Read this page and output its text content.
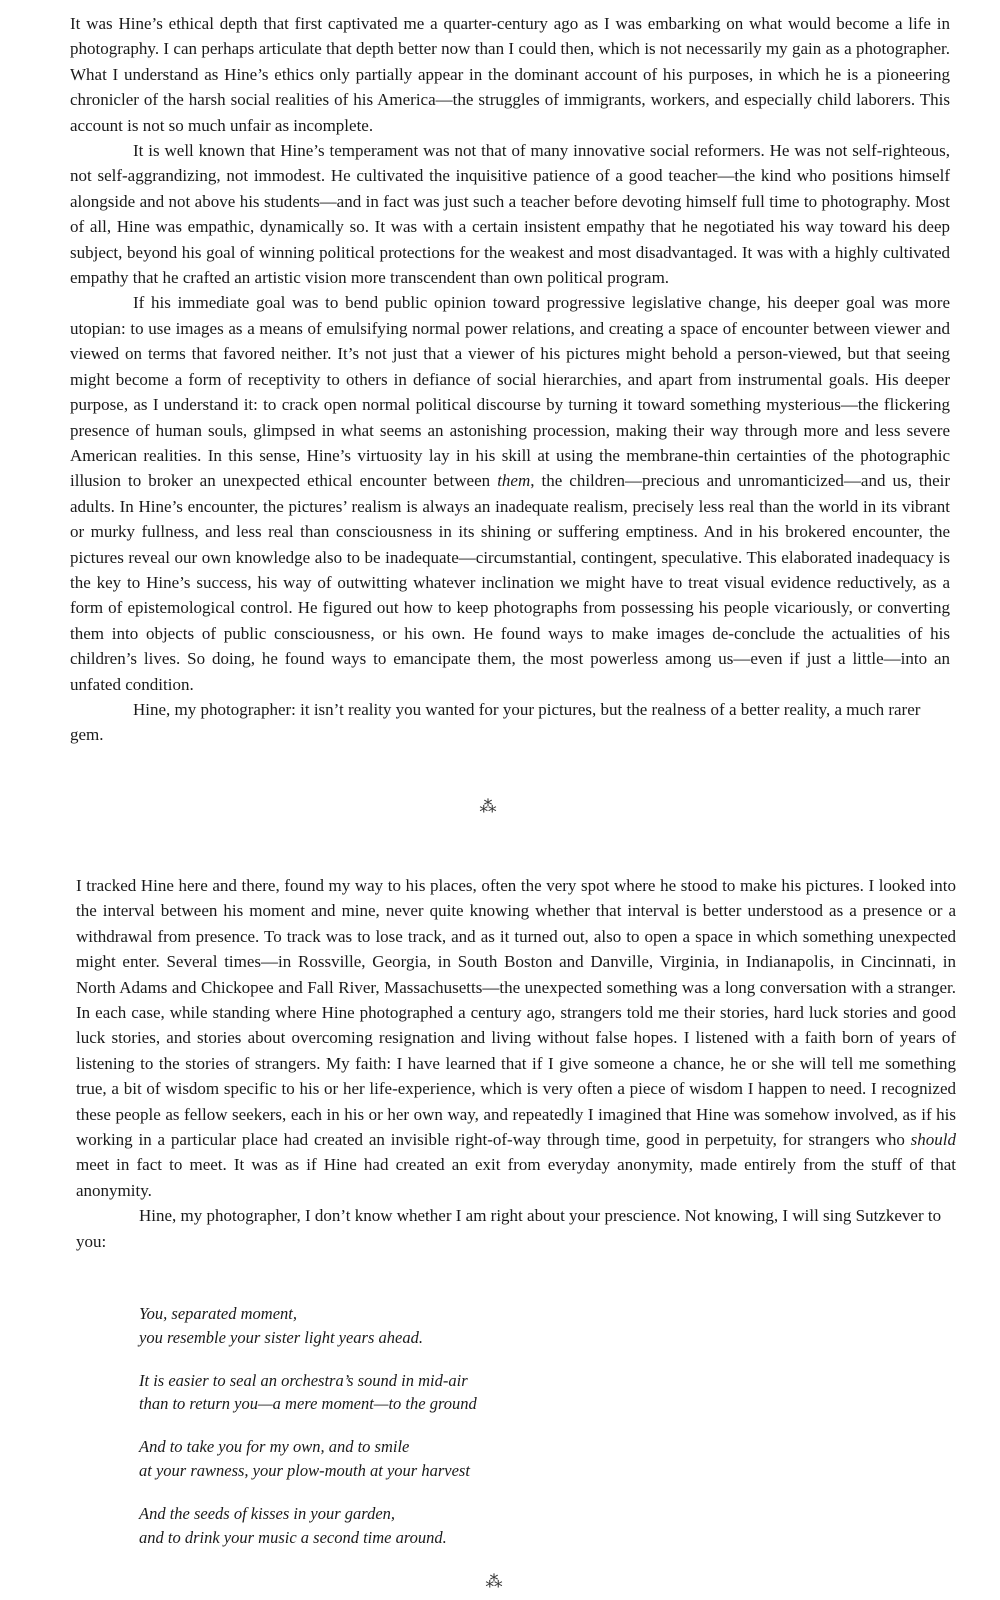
It was Hine’s ethical depth that first captivated me a quarter-century ago as I was embarking on what would become a life in photography. I can perhaps articulate that depth better now than I could then, which is not necessarily my gain as a photographer. What I understand as Hine’s ethics only partially appear in the dominant account of his purposes, in which he is a pioneering chronicler of the harsh social realities of his America—the struggles of immigrants, workers, and especially child laborers. This account is not so much unfair as incomplete.

It is well known that Hine’s temperament was not that of many innovative social reformers. He was not self-righteous, not self-aggrandizing, not immodest. He cultivated the inquisitive patience of a good teacher—the kind who positions himself alongside and not above his students—and in fact was just such a teacher before devoting himself full time to photography. Most of all, Hine was empathic, dynamically so. It was with a certain insistent empathy that he negotiated his way toward his deep subject, beyond his goal of winning political protections for the weakest and most disadvantaged. It was with a highly cultivated empathy that he crafted an artistic vision more transcendent than own political program.

If his immediate goal was to bend public opinion toward progressive legislative change, his deeper goal was more utopian: to use images as a means of emulsifying normal power relations, and creating a space of encounter between viewer and viewed on terms that favored neither. It’s not just that a viewer of his pictures might behold a person-viewed, but that seeing might become a form of receptivity to others in defiance of social hierarchies, and apart from instrumental goals. His deeper purpose, as I understand it: to crack open normal political discourse by turning it toward something mysterious—the flickering presence of human souls, glimpsed in what seems an astonishing procession, making their way through more and less severe American realities. In this sense, Hine’s virtuosity lay in his skill at using the membrane-thin certainties of the photographic illusion to broker an unexpected ethical encounter between them, the children—precious and unromanticized—and us, their adults. In Hine’s encounter, the pictures’ realism is always an inadequate realism, precisely less real than the world in its vibrant or murky fullness, and less real than consciousness in its shining or suffering emptiness. And in his brokered encounter, the pictures reveal our own knowledge also to be inadequate—circumstantial, contingent, speculative. This elaborated inadequacy is the key to Hine’s success, his way of outwitting whatever inclination we might have to treat visual evidence reductively, as a form of epistemological control. He figured out how to keep photographs from possessing his people vicariously, or converting them into objects of public consciousness, or his own. He found ways to make images de-conclude the actualities of his children’s lives. So doing, he found ways to emancipate them, the most powerless among us—even if just a little—into an unfated condition.

Hine, my photographer: it isn’t reality you wanted for your pictures, but the realness of a better reality, a much rarer gem.

⁂

I tracked Hine here and there, found my way to his places, often the very spot where he stood to make his pictures. I looked into the interval between his moment and mine, never quite knowing whether that interval is better understood as a presence or a withdrawal from presence. To track was to lose track, and as it turned out, also to open a space in which something unexpected might enter. Several times—in Rossville, Georgia, in South Boston and Danville, Virginia, in Indianapolis, in Cincinnati, in North Adams and Chickopee and Fall River, Massachusetts—the unexpected something was a long conversation with a stranger. In each case, while standing where Hine photographed a century ago, strangers told me their stories, hard luck stories and good luck stories, and stories about overcoming resignation and living without false hopes. I listened with a faith born of years of listening to the stories of strangers. My faith: I have learned that if I give someone a chance, he or she will tell me something true, a bit of wisdom specific to his or her life-experience, which is very often a piece of wisdom I happen to need. I recognized these people as fellow seekers, each in his or her own way, and repeatedly I imagined that Hine was somehow involved, as if his working in a particular place had created an invisible right-of-way through time, good in perpetuity, for strangers who should meet in fact to meet. It was as if Hine had created an exit from everyday anonymity, made entirely from the stuff of that anonymity.

Hine, my photographer, I don’t know whether I am right about your prescience. Not knowing, I will sing Sutzkever to you:

You, separated moment,
you resemble your sister light years ahead.
It is easier to seal an orchestra’s sound in mid-air
than to return you—a mere moment—to the ground
And to take you for my own, and to smile
at your rawness, your plow-mouth at your harvest
And the seeds of kisses in your garden,
and to drink your music a second time around.
⁂
